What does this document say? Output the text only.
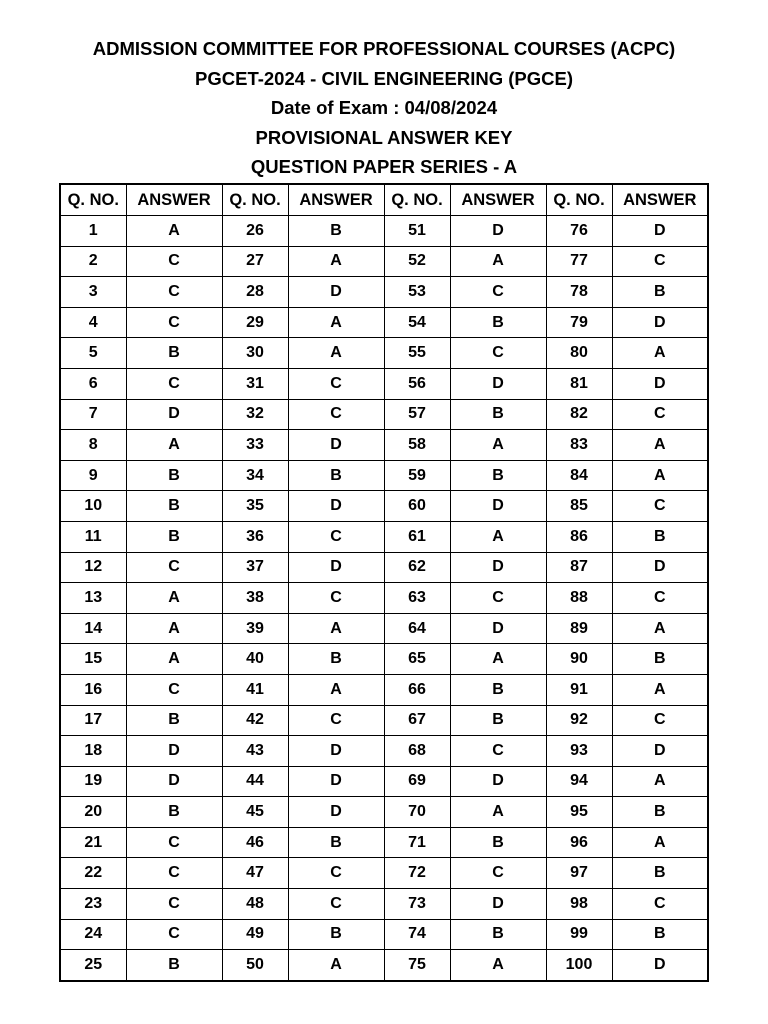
ADMISSION COMMITTEE FOR PROFESSIONAL COURSES (ACPC)
PGCET-2024 - CIVIL ENGINEERING (PGCE)
Date of Exam : 04/08/2024
PROVISIONAL ANSWER KEY
QUESTION PAPER SERIES - A
Q. NO.	ANSWER	Q. NO.	ANSWER	Q. NO.	ANSWER	Q. NO.	ANSWER
1	A	26	B	51	D	76	D
2	C	27	A	52	A	77	C
3	C	28	D	53	C	78	B
4	C	29	A	54	B	79	D
5	B	30	A	55	C	80	A
6	C	31	C	56	D	81	D
7	D	32	C	57	B	82	C
8	A	33	D	58	A	83	A
9	B	34	B	59	B	84	A
10	B	35	D	60	D	85	C
11	B	36	C	61	A	86	B
12	C	37	D	62	D	87	D
13	A	38	C	63	C	88	C
14	A	39	A	64	D	89	A
15	A	40	B	65	A	90	B
16	C	41	A	66	B	91	A
17	B	42	C	67	B	92	C
18	D	43	D	68	C	93	D
19	D	44	D	69	D	94	A
20	B	45	D	70	A	95	B
21	C	46	B	71	B	96	A
22	C	47	C	72	C	97	B
23	C	48	C	73	D	98	C
24	C	49	B	74	B	99	B
25	B	50	A	75	A	100	D
